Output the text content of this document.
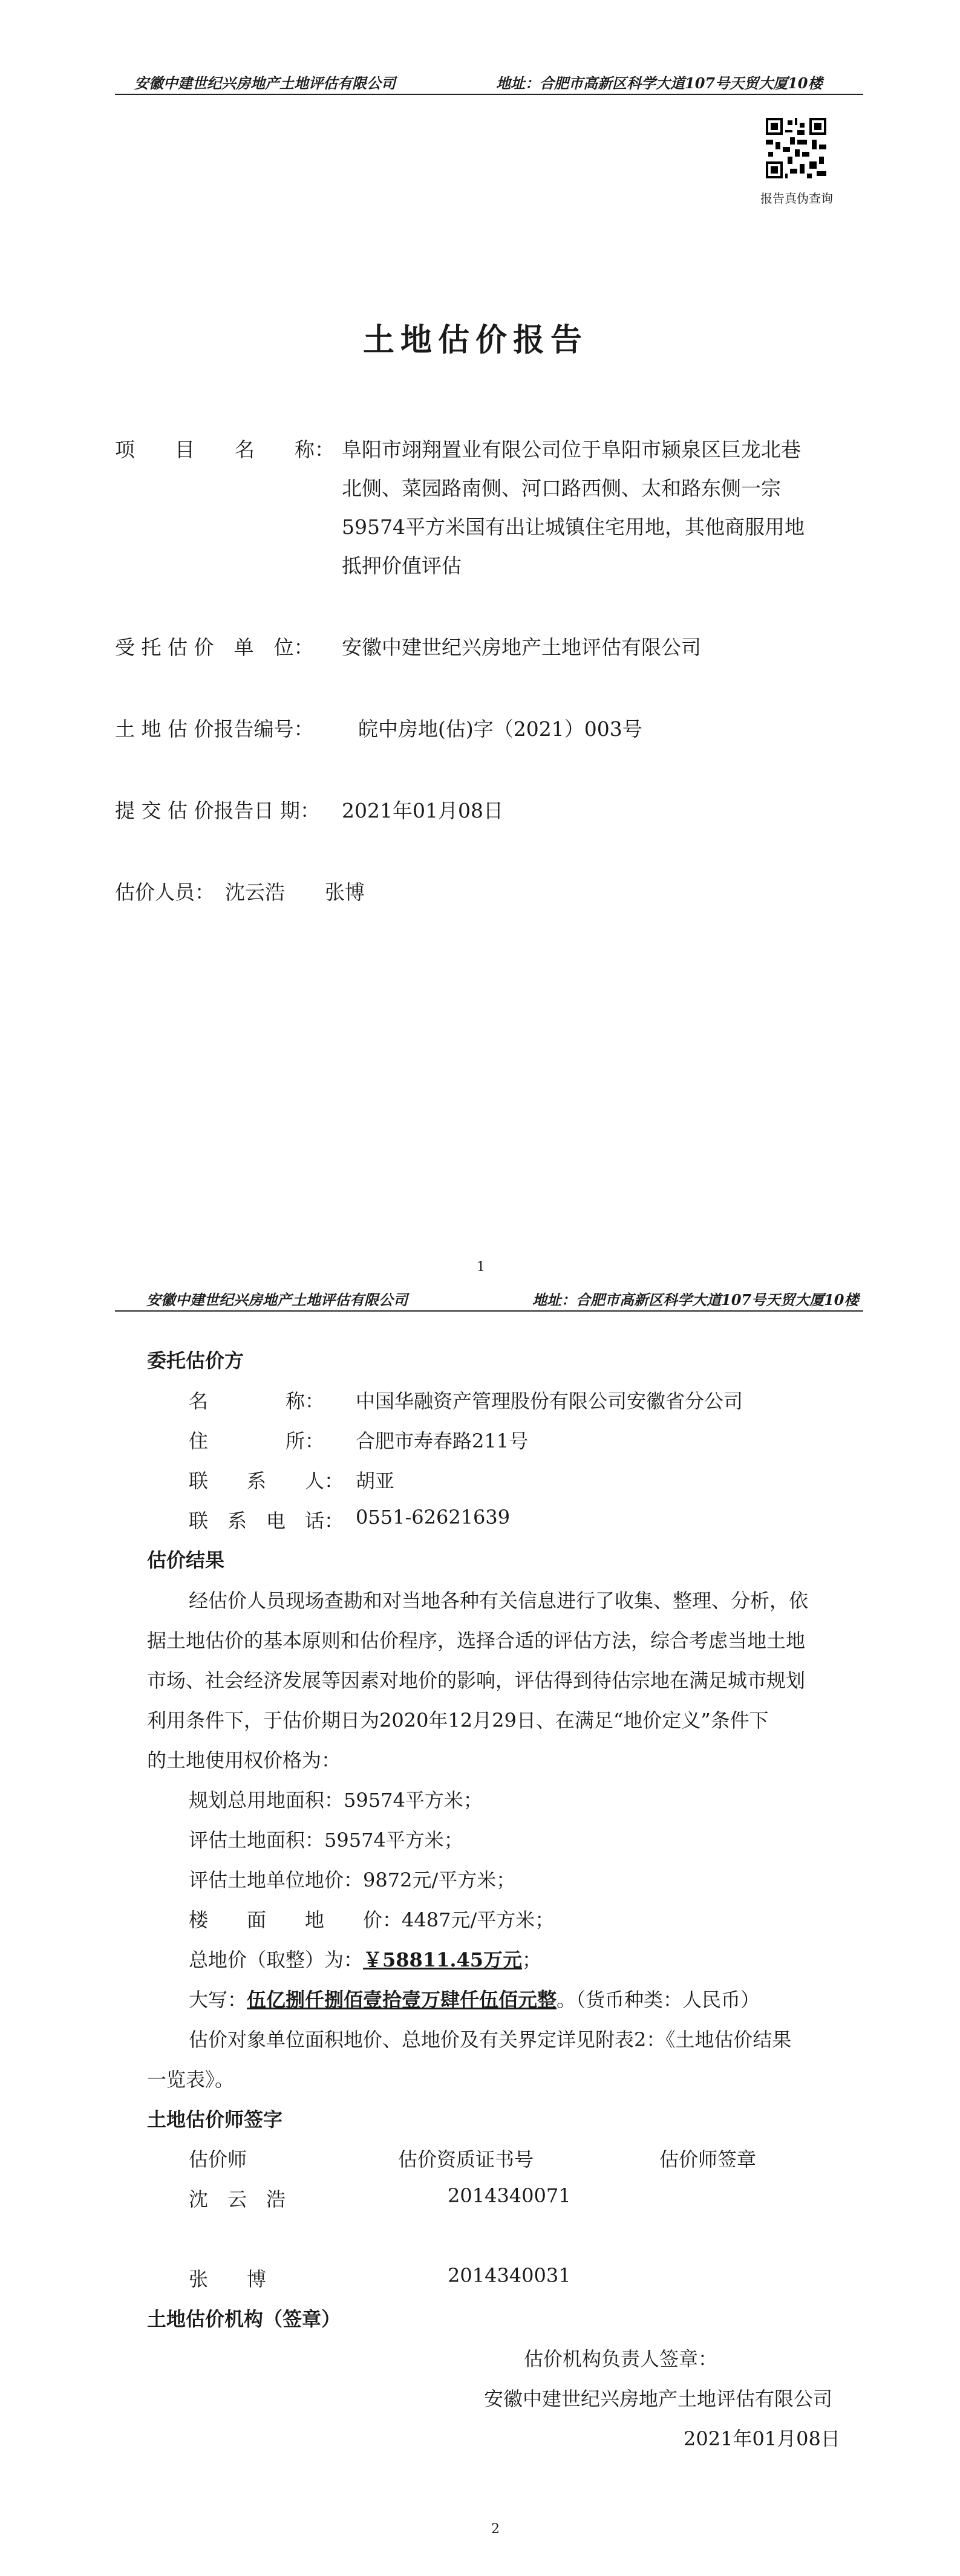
安徽中建世纪兴房地产土地评估有限公司	地址：合肥市高新区科学大道107号天贸大厦10楼
报告真伪查询
土地估价报告
项　　目　　名　　称： 阜阳市翊翔置业有限公司位于阜阳市颍泉区巨龙北巷
北侧、菜园路南侧、河口路西侧、太和路东侧一宗
59574平方米国有出让城镇住宅用地，其他商服用地
抵押价值评估
受 托 估 价　单　位： 安徽中建世纪兴房地产土地评估有限公司
土 地 估 价报告编号： 皖中房地(估)字（2021）003号
提 交 估 价报告日 期： 2021年01月08日
估价人员： 沈云浩　　张博
1
安徽中建世纪兴房地产土地评估有限公司	地址：合肥市高新区科学大道107号天贸大厦10楼
委托估价方
名　　　　称： 中国华融资产管理股份有限公司安徽省分公司
住　　　　所： 合肥市寿春路211号
联　　系　　人： 胡亚
联　系　电　话： 0551-62621639
估价结果
经估价人员现场查勘和对当地各种有关信息进行了收集、整理、分析，依
据土地估价的基本原则和估价程序，选择合适的评估方法，综合考虑当地土地
市场、社会经济发展等因素对地价的影响，评估得到待估宗地在满足城市规划
利用条件下，于估价期日为2020年12月29日、在满足“地价定义”条件下
的土地使用权价格为：
规划总用地面积：59574平方米；
评估土地面积：59574平方米；
评估土地单位地价：9872元/平方米；
楼　　面　　地　　价：4487元/平方米；
总地价（取整）为：￥58811.45万元；
大写：伍亿捌仟捌佰壹拾壹万肆仟伍佰元整。（货币种类：人民币）
估价对象单位面积地价、总地价及有关界定详见附表2：《土地估价结果
一览表》。
土地估价师签字
估价师	估价资质证书号	估价师签章
沈　云　浩	2014340071
张　　博	2014340031
土地估价机构（签章）
估价机构负责人签章：
安徽中建世纪兴房地产土地评估有限公司
2021年01月08日
2
